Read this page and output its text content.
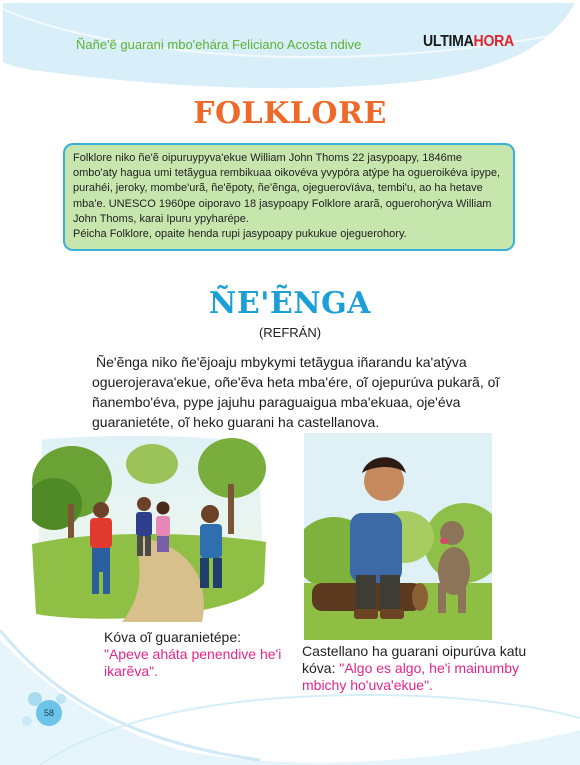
Ñañe'ẽ guarani mbo'ehára Feliciano Acosta ndive	ULTIMAHORA
FOLKLORE

Folklore niko ñe'ẽ oipuruypyva'ekue William John Thoms 22 jasypoapy, 1846me ombo'aty hagua umi tetãygua rembikuaa oikovéva yvypóra atýpe ha ogueroikéva ipype, purahéi, jeroky, mombe'urã, ñe'ẽpoty, ñe'ẽnga, ojeguerovïáva, tembi'u, ao ha hetave mba'e. UNESCO 1960pe oiporavo 18 jasypoapy Folklore ararã, oguerohorýva William John Thoms, karai Ipuru ypyharépe.

Péicha Folklore, opaite henda rupi jasypoapy pukukue ojeguerohory.

ÑE'ẼNGA
(REFRÁN)
Ñe'ẽnga niko ñe'ẽjoaju mbykymi tetãygua iñarandu ka'atýva oguerojerava'ekue, oñe'ẽva heta mba'ére, oĩ ojepurúva pukarã, oĩ ñanembo'éva, pype jajuhu paraguaigua mba'ekuaa, oje'éva guaranietéte, oĩ heko guarani ha castellanova.
Kóva oĩ guaranietépe:
"Apeve aháta penendive he'i ikarẽva".
Castellano ha guarani oipurúva katu kóva: "Algo es algo, he'i mainumby mbichy ho'uva'ekue".
58
